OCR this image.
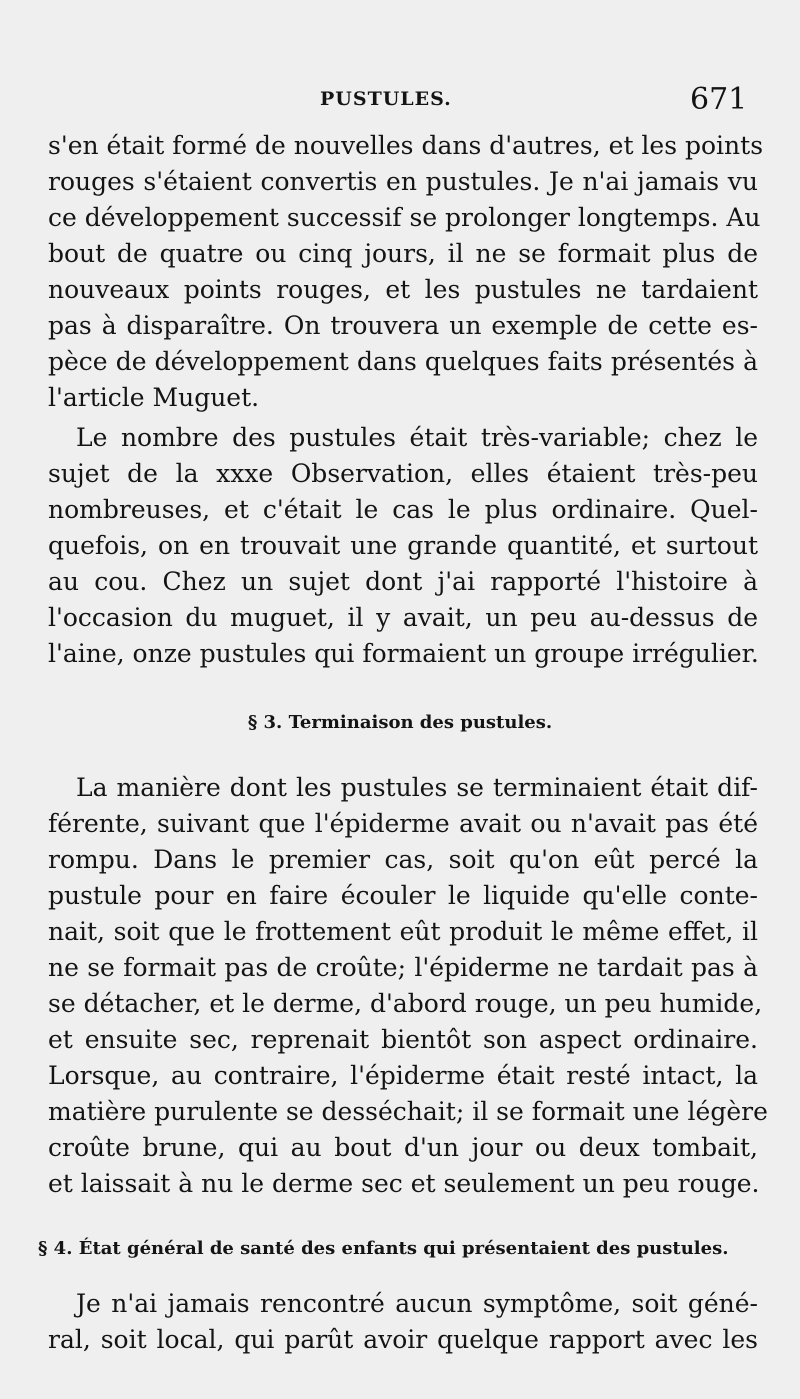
PUSTULES.	671
s'en était formé de nouvelles dans d'autres, et les points
rouges s'étaient convertis en pustules. Je n'ai jamais vu
ce développement successif se prolonger longtemps. Au
bout de quatre ou cinq jours, il ne se formait plus de
nouveaux points rouges, et les pustules ne tardaient
pas à disparaître. On trouvera un exemple de cette es-
pèce de développement dans quelques faits présentés à
l'article Muguet.
Le nombre des pustules était très-variable; chez le
sujet de la xxxe Observation, elles étaient très-peu
nombreuses, et c'était le cas le plus ordinaire. Quel-
quefois, on en trouvait une grande quantité, et surtout
au cou. Chez un sujet dont j'ai rapporté l'histoire à
l'occasion du muguet, il y avait, un peu au-dessus de
l'aine, onze pustules qui formaient un groupe irrégulier.
§ 3. Terminaison des pustules.
La manière dont les pustules se terminaient était dif-
férente, suivant que l'épiderme avait ou n'avait pas été
rompu. Dans le premier cas, soit qu'on eût percé la
pustule pour en faire écouler le liquide qu'elle conte-
nait, soit que le frottement eût produit le même effet, il
ne se formait pas de croûte; l'épiderme ne tardait pas à
se détacher, et le derme, d'abord rouge, un peu humide,
et ensuite sec, reprenait bientôt son aspect ordinaire.
Lorsque, au contraire, l'épiderme était resté intact, la
matière purulente se desséchait; il se formait une légère
croûte brune, qui au bout d'un jour ou deux tombait,
et laissait à nu le derme sec et seulement un peu rouge.
§ 4. État général de santé des enfants qui présentaient des pustules.
Je n'ai jamais rencontré aucun symptôme, soit géné-
ral, soit local, qui parût avoir quelque rapport avec les
